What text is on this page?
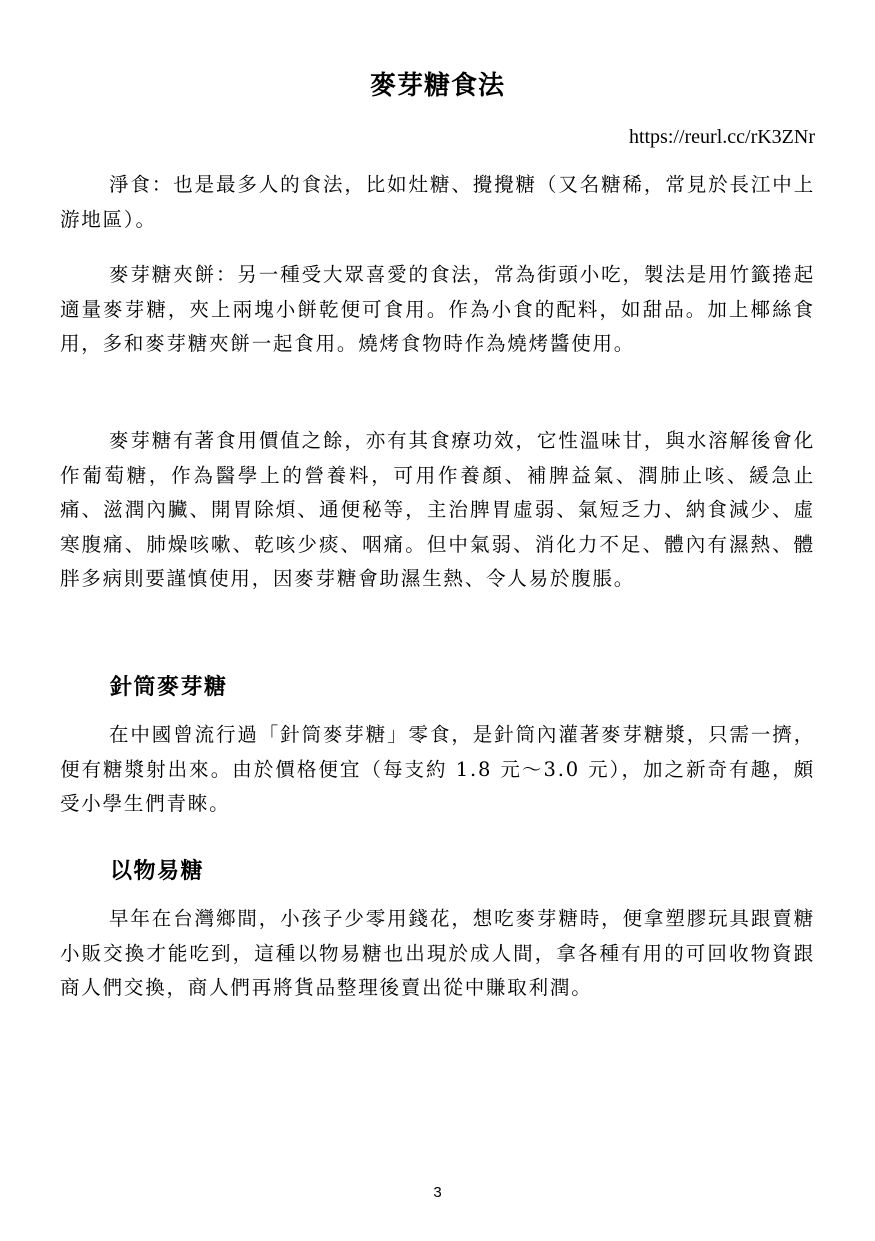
麥芽糖食法
https://reurl.cc/rK3ZNr

淨食：也是最多人的食法，比如灶糖、攪攪糖（又名糖稀，常見於長江中上游地區）。

麥芽糖夾餅：另一種受大眾喜愛的食法，常為街頭小吃，製法是用竹籤捲起適量麥芽糖，夾上兩塊小餅乾便可食用。作為小食的配料，如甜品。加上椰絲食用，多和麥芽糖夾餅一起食用。燒烤食物時作為燒烤醬使用。

麥芽糖有著食用價值之餘，亦有其食療功效，它性溫味甘，與水溶解後會化作葡萄糖，作為醫學上的營養料，可用作養顏、補脾益氣、潤肺止咳、緩急止痛、滋潤內臟、開胃除煩、通便秘等，主治脾胃虛弱、氣短乏力、納食減少、虛寒腹痛、肺燥咳嗽、乾咳少痰、咽痛。但中氣弱、消化力不足、體內有濕熱、體胖多病則要謹慎使用，因麥芽糖會助濕生熱、令人易於腹脹。

針筒麥芽糖

在中國曾流行過「針筒麥芽糖」零食，是針筒內灌著麥芽糖漿，只需一擠，便有糖漿射出來。由於價格便宜（每支約 1.8 元～3.0 元），加之新奇有趣，頗受小學生們青睞。

以物易糖

早年在台灣鄉間，小孩子少零用錢花，想吃麥芽糖時，便拿塑膠玩具跟賣糖小販交換才能吃到，這種以物易糖也出現於成人間，拿各種有用的可回收物資跟商人們交換，商人們再將貨品整理後賣出從中賺取利潤。

3
